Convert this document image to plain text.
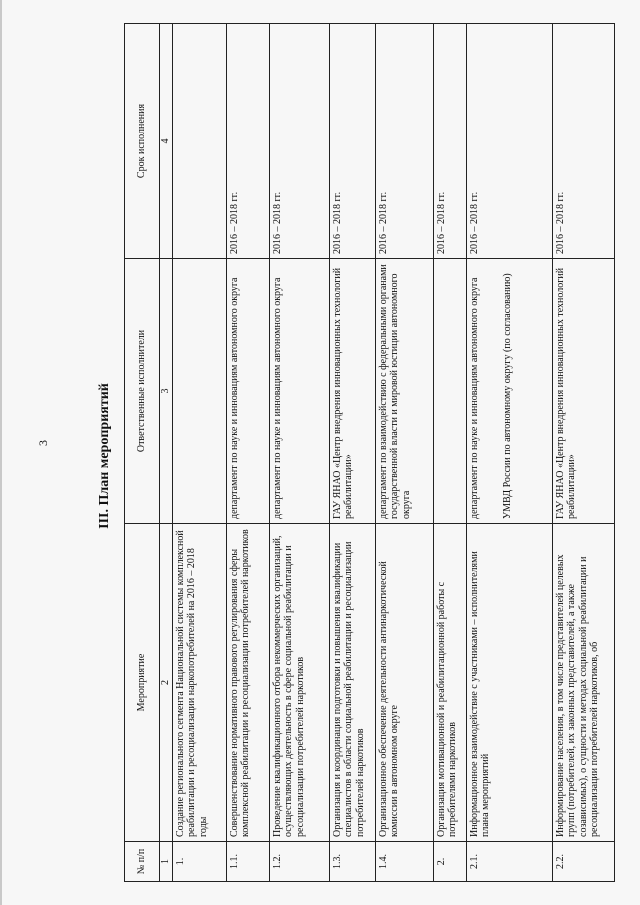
3	III. План мероприятий
№ п/п	Мероприятие	Ответственные исполнители	Срок исполнения
1	2	3	4
1.	Создание регионального сегмента Национальной системы комплексной реабилитации и ресоциализации наркопотребителей на 2016 – 2018 годы		
1.1.	Совершенствование нормативного правового регулирования сферы комплексной реабилитации и ресоциализации потребителей наркотиков	департамент по науке и инновациям автономного округа	2016 – 2018 гг.
1.2.	Проведение квалификационного отбора некоммерческих организаций, осуществляющих деятельность в сфере социальной реабилитации и ресоциализации потребителей наркотиков	департамент по науке и инновациям автономного округа	2016 – 2018 гг.
1.3.	Организация и координация подготовки и повышения квалификации специалистов в области социальной реабилитации и ресоциализации потребителей наркотиков	ГАУ ЯНАО «Центр внедрения инновационных технологий реабилитации»	2016 – 2018 гг.
1.4.	Организационное обеспечение деятельности антинаркотической комиссии в автономном округе	департамент по взаимодействию с федеральными органами государственной власти и мировой юстиции автономного округа	2016 – 2018 гг.
2.	Организация мотивационной и реабилитационной работы с потребителями наркотиков		2016 – 2018 гг.
2.1.	Информационное взаимодействие с участниками – исполнителями плана мероприятий	департамент по науке и инновациям автономного округа УМВД России по автономному округу (по согласованию)	2016 – 2018 гг.
2.2.	Информирование населения, в том числе представителей целевых групп (потребителей, их законных представителей, а также созависимых), о сущности и методах социальной реабилитации и ресоциализации потребителей наркотиков, об	ГАУ ЯНАО «Центр внедрения инновационных технологий реабилитации»	2016 – 2018 гг.
